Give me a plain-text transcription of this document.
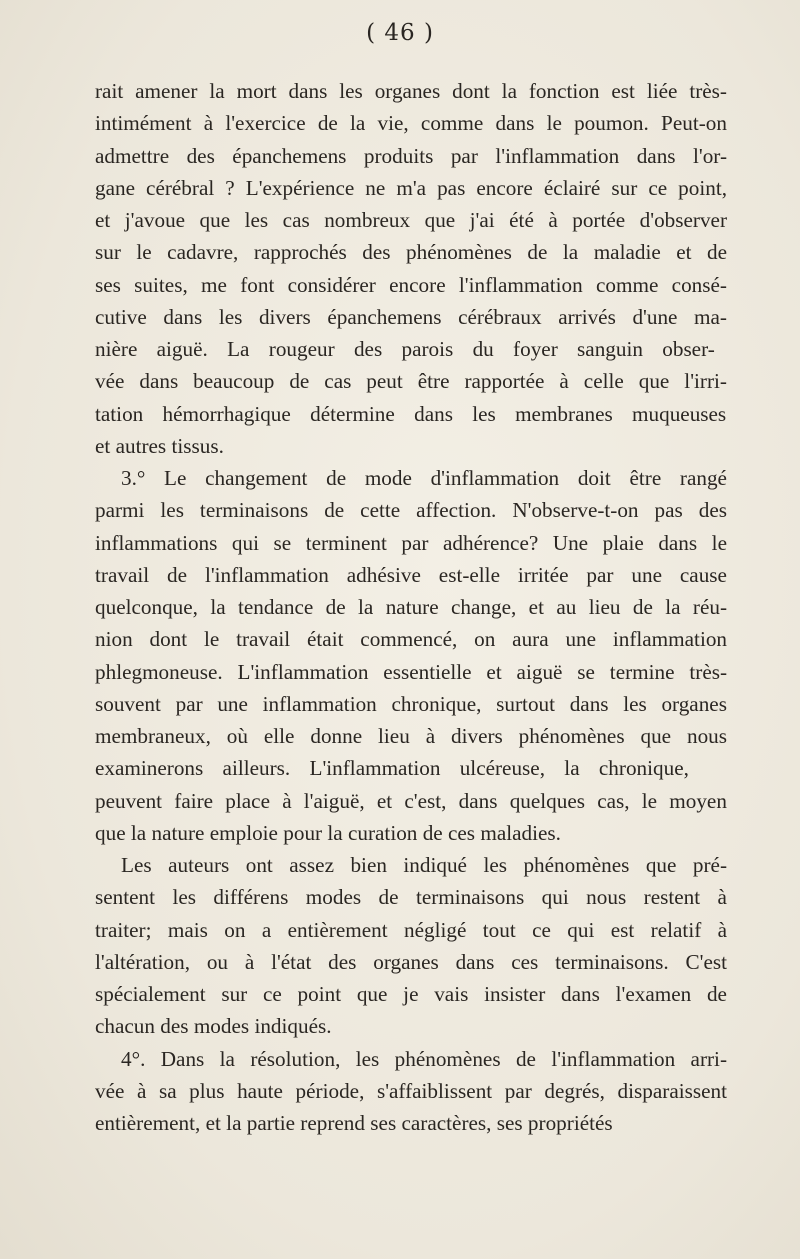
( 46 )

rait amener la mort dans les organes dont la fonction est liée très-
intimément à l'exercice de la vie, comme dans le poumon. Peut-on
admettre des épanchemens produits par l'inflammation dans l'or-
gane cérébral ? L'expérience ne m'a pas encore éclairé sur ce point,
et j'avoue que les cas nombreux que j'ai été à portée d'observer
sur le cadavre, rapprochés des phénomènes de la maladie et de
ses suites, me font considérer encore l'inflammation comme consé-
cutive dans les divers épanchemens cérébraux arrivés d'une ma-
nière aiguë. La rougeur des parois du foyer sanguin obser-
vée dans beaucoup de cas peut être rapportée à celle que l'irri-
tation hémorrhagique détermine dans les membranes muqueuses
et autres tissus.

3.° Le changement de mode d'inflammation doit être rangé
parmi les terminaisons de cette affection. N'observe-t-on pas des
inflammations qui se terminent par adhérence? Une plaie dans le
travail de l'inflammation adhésive est-elle irritée par une cause
quelconque, la tendance de la nature change, et au lieu de la réu-
nion dont le travail était commencé, on aura une inflammation
phlegmoneuse. L'inflammation essentielle et aiguë se termine très-
souvent par une inflammation chronique, surtout dans les organes
membraneux, où elle donne lieu à divers phénomènes que nous
examinerons ailleurs. L'inflammation ulcéreuse, la chronique,
peuvent faire place à l'aiguë, et c'est, dans quelques cas, le moyen
que la nature emploie pour la curation de ces maladies.

Les auteurs ont assez bien indiqué les phénomènes que pré-
sentent les différens modes de terminaisons qui nous restent à
traiter; mais on a entièrement négligé tout ce qui est relatif à
l'altération, ou à l'état des organes dans ces terminaisons. C'est
spécialement sur ce point que je vais insister dans l'examen de
chacun des modes indiqués.

4°. Dans la résolution, les phénomènes de l'inflammation arri-
vée à sa plus haute période, s'affaiblissent par degrés, disparaissent
entièrement, et la partie reprend ses caractères, ses propriétés
